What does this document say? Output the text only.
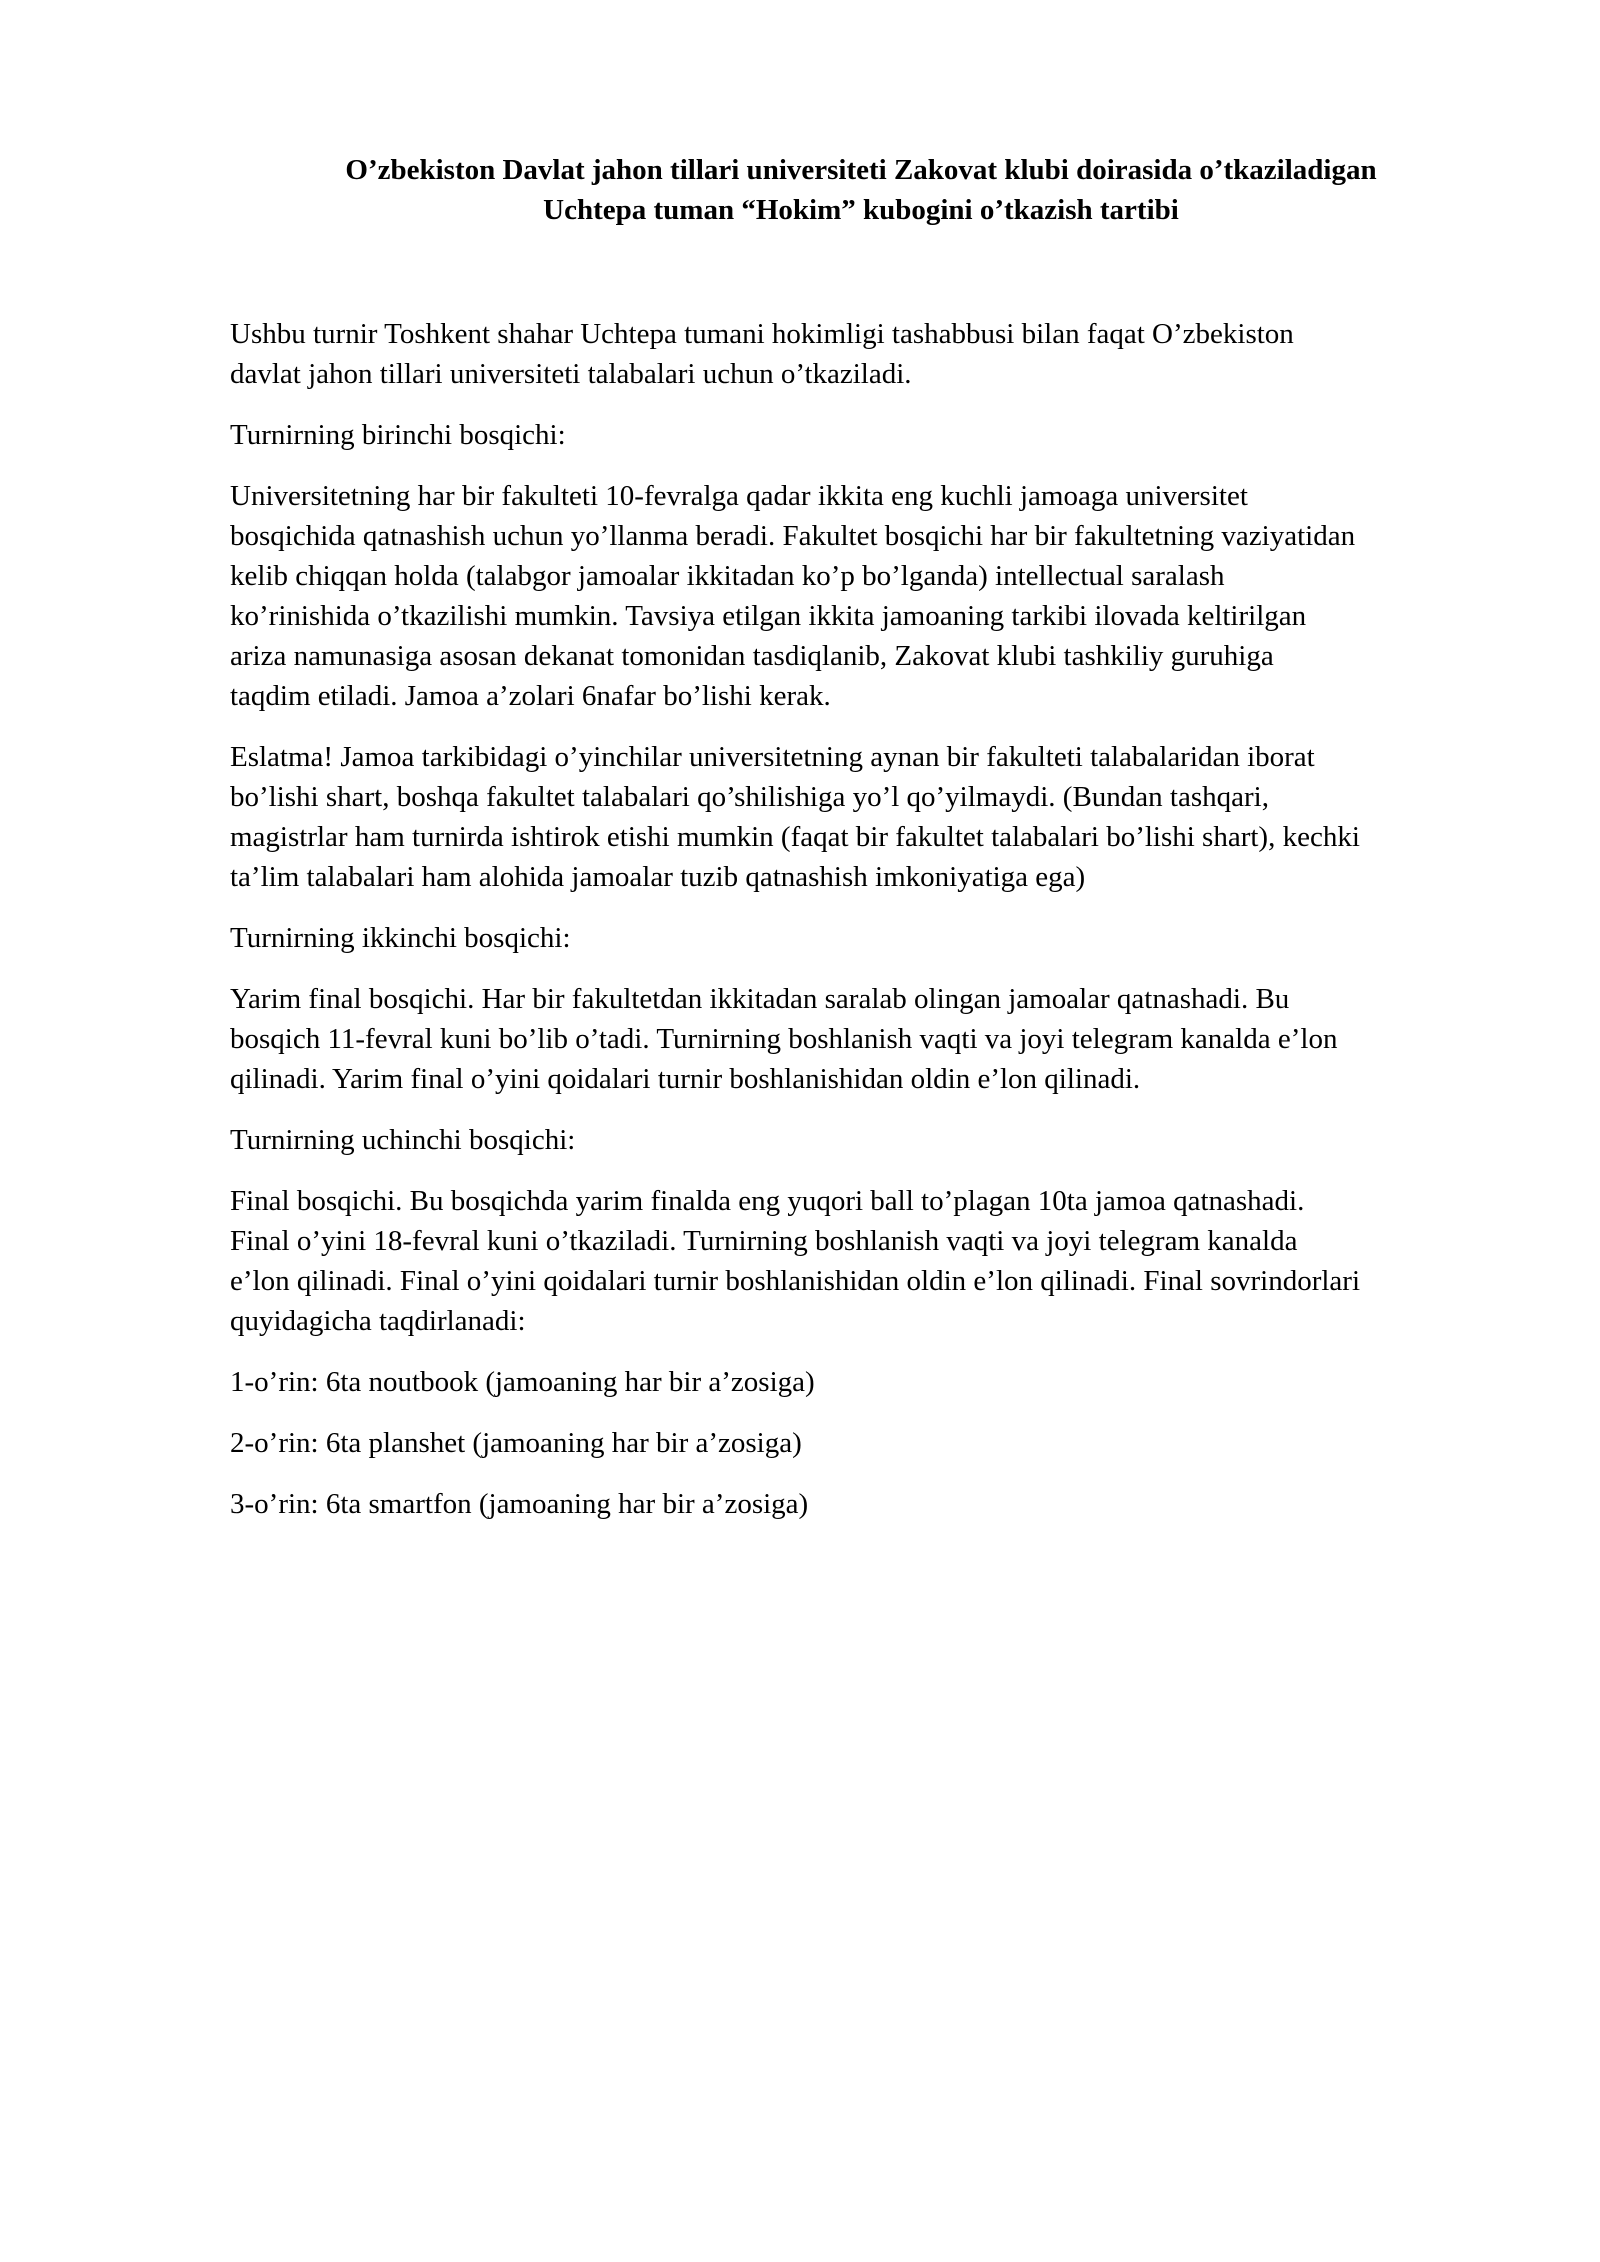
O’zbekiston Davlat jahon tillari universiteti Zakovat klubi doirasida o’tkaziladigan
Uchtepa tuman “Hokim” kubogini o’tkazish tartibi
Ushbu turnir Toshkent shahar Uchtepa tumani hokimligi tashabbusi bilan faqat O’zbekiston
davlat jahon tillari universiteti talabalari uchun o’tkaziladi.
Turnirning birinchi bosqichi:
Universitetning har bir fakulteti 10-fevralga qadar ikkita eng kuchli jamoaga universitet
bosqichida qatnashish uchun yo’llanma beradi. Fakultet bosqichi har bir fakultetning vaziyatidan
kelib chiqqan holda (talabgor jamoalar ikkitadan ko’p bo’lganda) intellectual saralash
ko’rinishida o’tkazilishi mumkin. Tavsiya etilgan ikkita jamoaning tarkibi ilovada keltirilgan
ariza namunasiga asosan dekanat tomonidan tasdiqlanib, Zakovat klubi tashkiliy guruhiga
taqdim etiladi. Jamoa a’zolari 6nafar bo’lishi kerak.
Eslatma! Jamoa tarkibidagi o’yinchilar universitetning aynan bir fakulteti talabalaridan iborat
bo’lishi shart, boshqa fakultet talabalari qo’shilishiga yo’l qo’yilmaydi. (Bundan tashqari,
magistrlar ham turnirda ishtirok etishi mumkin (faqat bir fakultet talabalari bo’lishi shart), kechki
ta’lim talabalari ham alohida jamoalar tuzib qatnashish imkoniyatiga ega)
Turnirning ikkinchi bosqichi:
Yarim final bosqichi. Har bir fakultetdan ikkitadan saralab olingan jamoalar qatnashadi. Bu
bosqich 11-fevral kuni bo’lib o’tadi. Turnirning boshlanish vaqti va joyi telegram kanalda e’lon
qilinadi. Yarim final o’yini qoidalari turnir boshlanishidan oldin e’lon qilinadi.
Turnirning uchinchi bosqichi:
Final bosqichi. Bu bosqichda yarim finalda eng yuqori ball to’plagan 10ta jamoa qatnashadi.
Final o’yini 18-fevral kuni o’tkaziladi. Turnirning boshlanish vaqti va joyi telegram kanalda
e’lon qilinadi. Final o’yini qoidalari turnir boshlanishidan oldin e’lon qilinadi. Final sovrindorlari
quyidagicha taqdirlanadi:
1-o’rin: 6ta noutbook (jamoaning har bir a’zosiga)
2-o’rin: 6ta planshet (jamoaning har bir a’zosiga)
3-o’rin: 6ta smartfon (jamoaning har bir a’zosiga)
